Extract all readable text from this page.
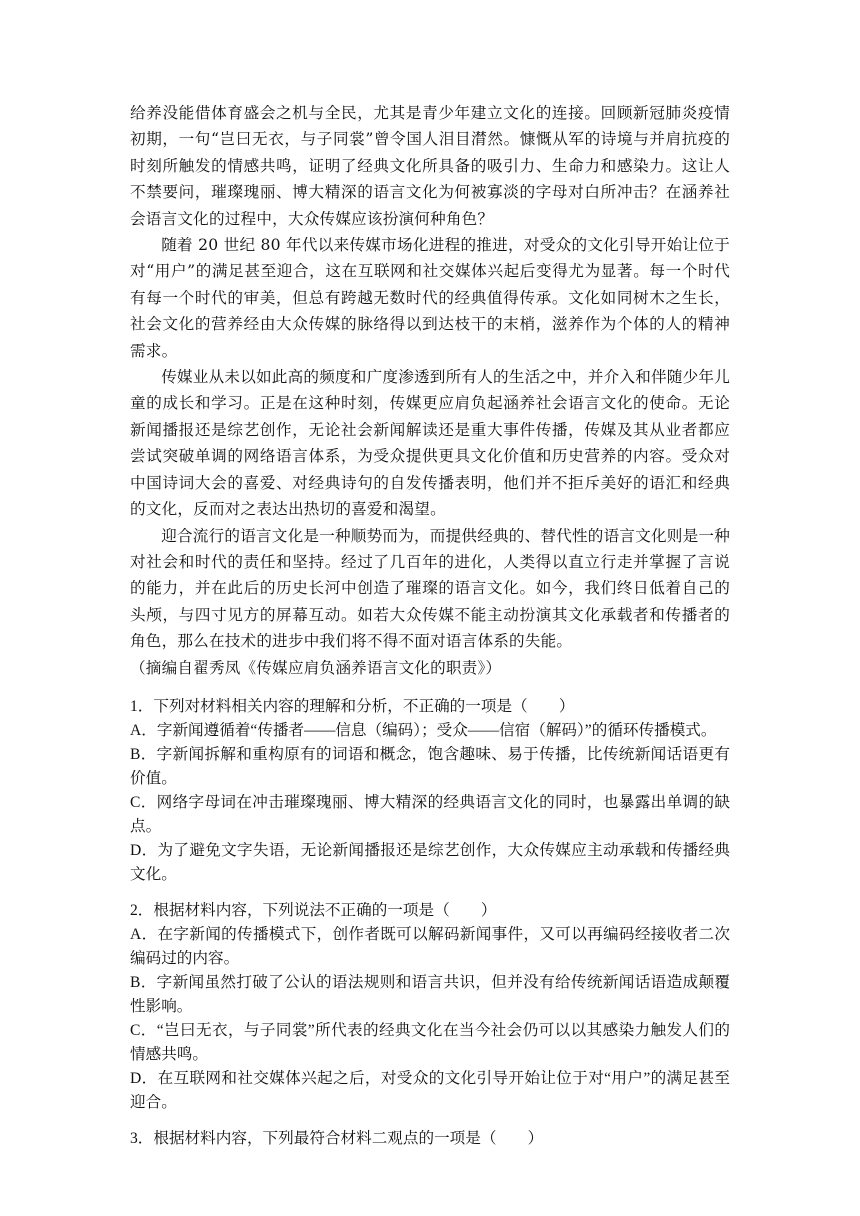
给养没能借体育盛会之机与全民，尤其是青少年建立文化的连接。回顾新冠肺炎疫情初期，一句“岂曰无衣，与子同裳”曾令国人泪目潸然。慷慨从军的诗境与并肩抗疫的时刻所触发的情感共鸣，证明了经典文化所具备的吸引力、生命力和感染力。这让人不禁要问，璀璨瑰丽、博大精深的语言文化为何被寡淡的字母对白所冲击？在涵养社会语言文化的过程中，大众传媒应该扮演何种角色？

随着 20 世纪 80 年代以来传媒市场化进程的推进，对受众的文化引导开始让位于对“用户”的满足甚至迎合，这在互联网和社交媒体兴起后变得尤为显著。每一个时代有每一个时代的审美，但总有跨越无数时代的经典值得传承。文化如同树木之生长，社会文化的营养经由大众传媒的脉络得以到达枝干的末梢，滋养作为个体的人的精神需求。

传媒业从未以如此高的频度和广度渗透到所有人的生活之中，并介入和伴随少年儿童的成长和学习。正是在这种时刻，传媒更应肩负起涵养社会语言文化的使命。无论新闻播报还是综艺创作，无论社会新闻解读还是重大事件传播，传媒及其从业者都应尝试突破单调的网络语言体系，为受众提供更具文化价值和历史营养的内容。受众对中国诗词大会的喜爱、对经典诗句的自发传播表明，他们并不拒斥美好的语汇和经典的文化，反而对之表达出热切的喜爱和渴望。

迎合流行的语言文化是一种顺势而为，而提供经典的、替代性的语言文化则是一种对社会和时代的责任和坚持。经过了几百年的进化，人类得以直立行走并掌握了言说的能力，并在此后的历史长河中创造了璀璨的语言文化。如今，我们终日低着自己的头颅，与四寸见方的屏幕互动。如若大众传媒不能主动扮演其文化承载者和传播者的角色，那么在技术的进步中我们将不得不面对语言体系的失能。

（摘编自翟秀凤《传媒应肩负涵养语言文化的职责》）

1．下列对材料相关内容的理解和分析，不正确的一项是（　　）

A．字新闻遵循着“传播者——信息（编码）；受众——信宿（解码）”的循环传播模式。

B．字新闻拆解和重构原有的词语和概念，饱含趣味、易于传播，比传统新闻话语更有价值。

C．网络字母词在冲击璀璨瑰丽、博大精深的经典语言文化的同时，也暴露出单调的缺点。

D．为了避免文字失语，无论新闻播报还是综艺创作，大众传媒应主动承载和传播经典文化。

2．根据材料内容，下列说法不正确的一项是（　　）

A．在字新闻的传播模式下，创作者既可以解码新闻事件，又可以再编码经接收者二次编码过的内容。

B．字新闻虽然打破了公认的语法规则和语言共识，但并没有给传统新闻话语造成颠覆性影响。

C．“岂曰无衣，与子同裳”所代表的经典文化在当今社会仍可以以其感染力触发人们的情感共鸣。

D．在互联网和社交媒体兴起之后，对受众的文化引导开始让位于对“用户”的满足甚至迎合。

3．根据材料内容，下列最符合材料二观点的一项是（　　）
